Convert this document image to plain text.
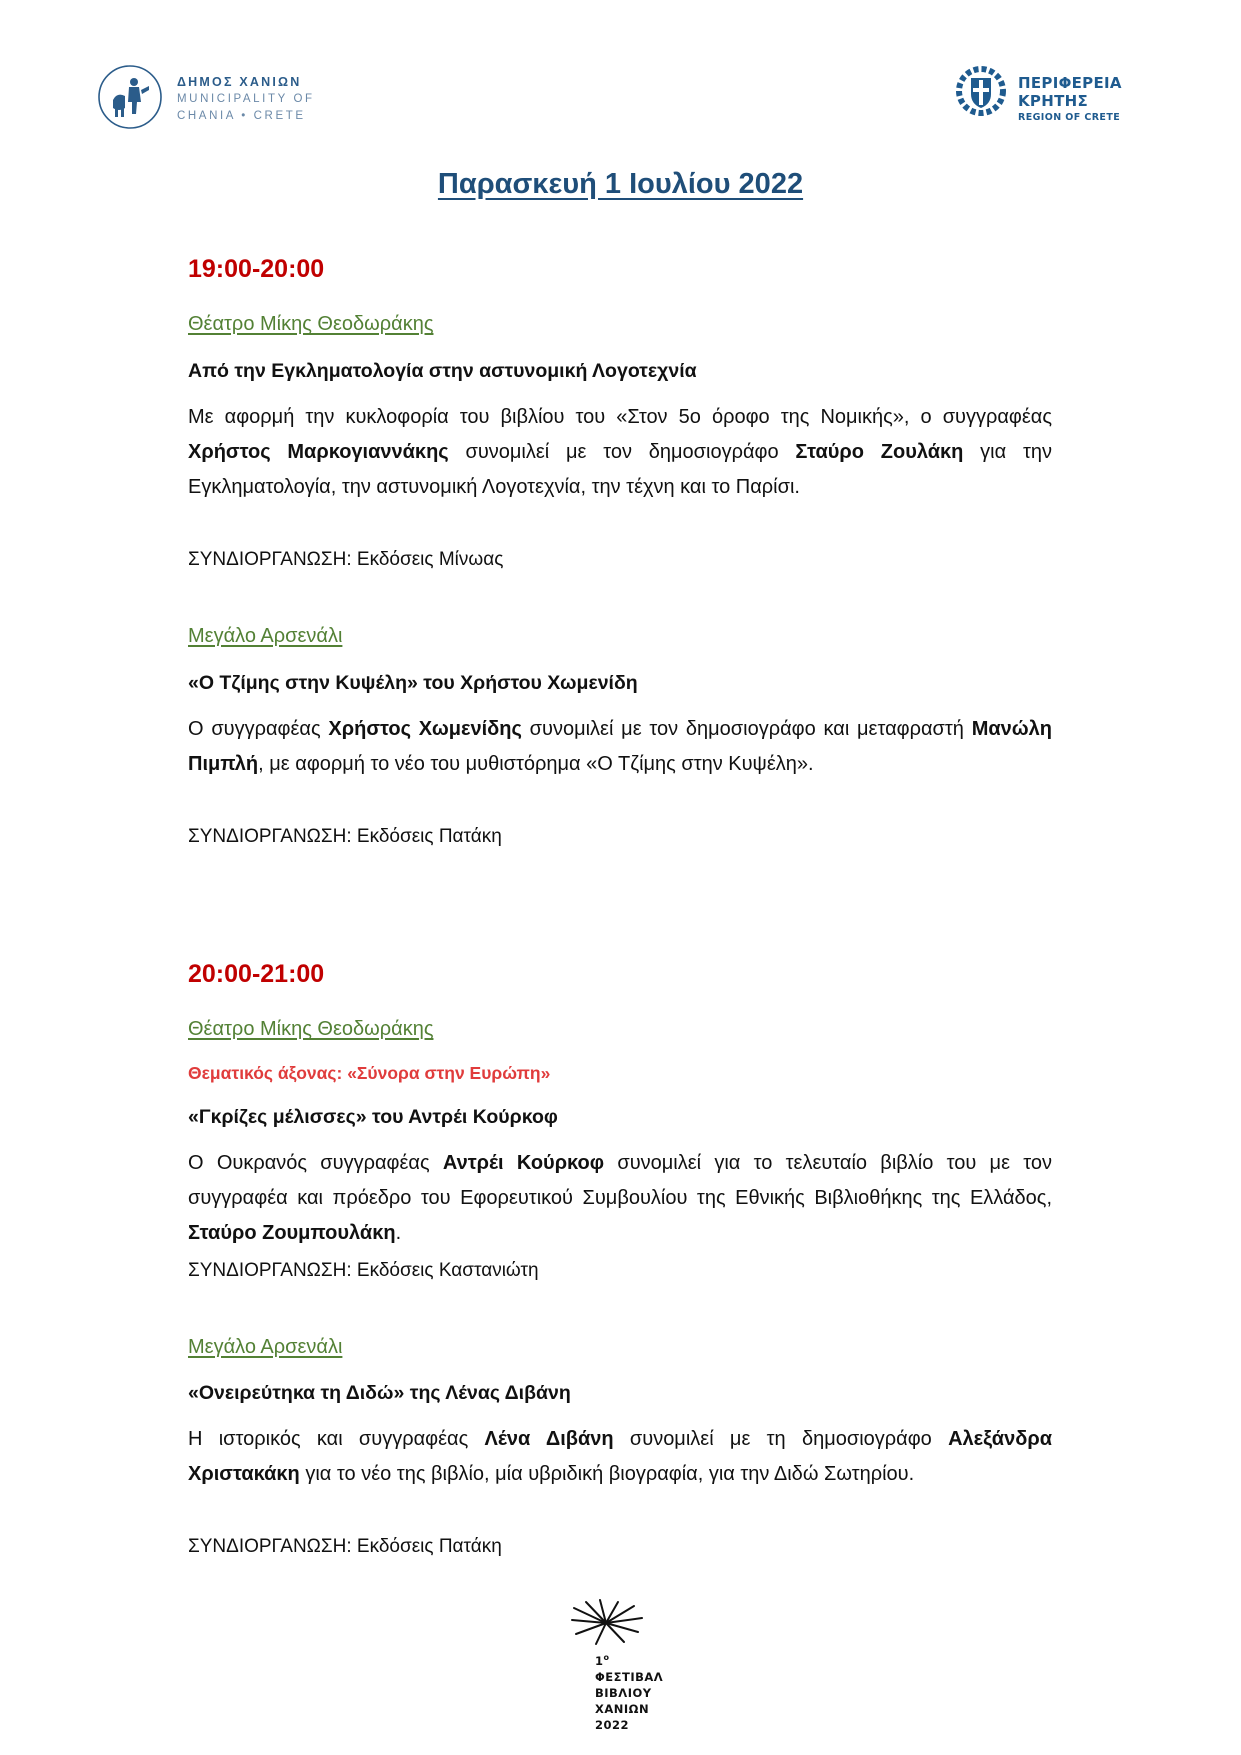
ΔΗΜΟΣ ΧΑΝΙΩΝ
MUNICIPALITY OF
CHANIA • CRETE
ΠΕΡΙΦΕΡΕΙΑ ΚΡΗΤΗΣ
REGION OF CRETE
Παρασκευή 1 Ιουλίου 2022

19:00-20:00

Θέατρο Μίκης Θεοδωράκης

Από την Εγκληματολογία στην αστυνομική Λογοτεχνία

Με αφορμή την κυκλοφορία του βιβλίου του «Στον 5ο όροφο της Νομικής», ο συγγραφέας Χρήστος Μαρκογιαννάκης συνομιλεί με τον δημοσιογράφο Σταύρο Ζουλάκη για την Εγκληματολογία, την αστυνομική Λογοτεχνία, την τέχνη και το Παρίσι.

ΣΥΝΔΙΟΡΓΑΝΩΣΗ: Εκδόσεις Μίνωας

Μεγάλο Αρσενάλι

«Ο Τζίμης στην Κυψέλη» του Χρήστου Χωμενίδη

Ο συγγραφέας Χρήστος Χωμενίδης συνομιλεί με τον δημοσιογράφο και μεταφραστή Μανώλη Πιμπλή, με αφορμή το νέο του μυθιστόρημα «Ο Τζίμης στην Κυψέλη».

ΣΥΝΔΙΟΡΓΑΝΩΣΗ: Εκδόσεις Πατάκη

20:00-21:00

Θέατρο Μίκης Θεοδωράκης

Θεματικός άξονας: «Σύνορα στην Ευρώπη»

«Γκρίζες μέλισσες» του Αντρέι Κούρκοφ

Ο Ουκρανός συγγραφέας Αντρέι Κούρκοφ συνομιλεί για το τελευταίο βιβλίο του με τον συγγραφέα και πρόεδρο του Εφορευτικού Συμβουλίου της Εθνικής Βιβλιοθήκης της Ελλάδος, Σταύρο Ζουμπουλάκη.

ΣΥΝΔΙΟΡΓΑΝΩΣΗ: Εκδόσεις Καστανιώτη

Μεγάλο Αρσενάλι

«Ονειρεύτηκα τη Διδώ» της Λένας Διβάνη

Η ιστορικός και συγγραφέας Λένα Διβάνη συνομιλεί με τη δημοσιογράφο Αλεξάνδρα Χριστακάκη για το νέο της βιβλίο, μία υβριδική βιογραφία, για την Διδώ Σωτηρίου.

ΣΥΝΔΙΟΡΓΑΝΩΣΗ: Εκδόσεις Πατάκη

$1^o$
ΦΕΣΤΙΒΑΛ
ΒΙΒΛΙΟΥ
ΧΑΝΙΩΝ
2022
